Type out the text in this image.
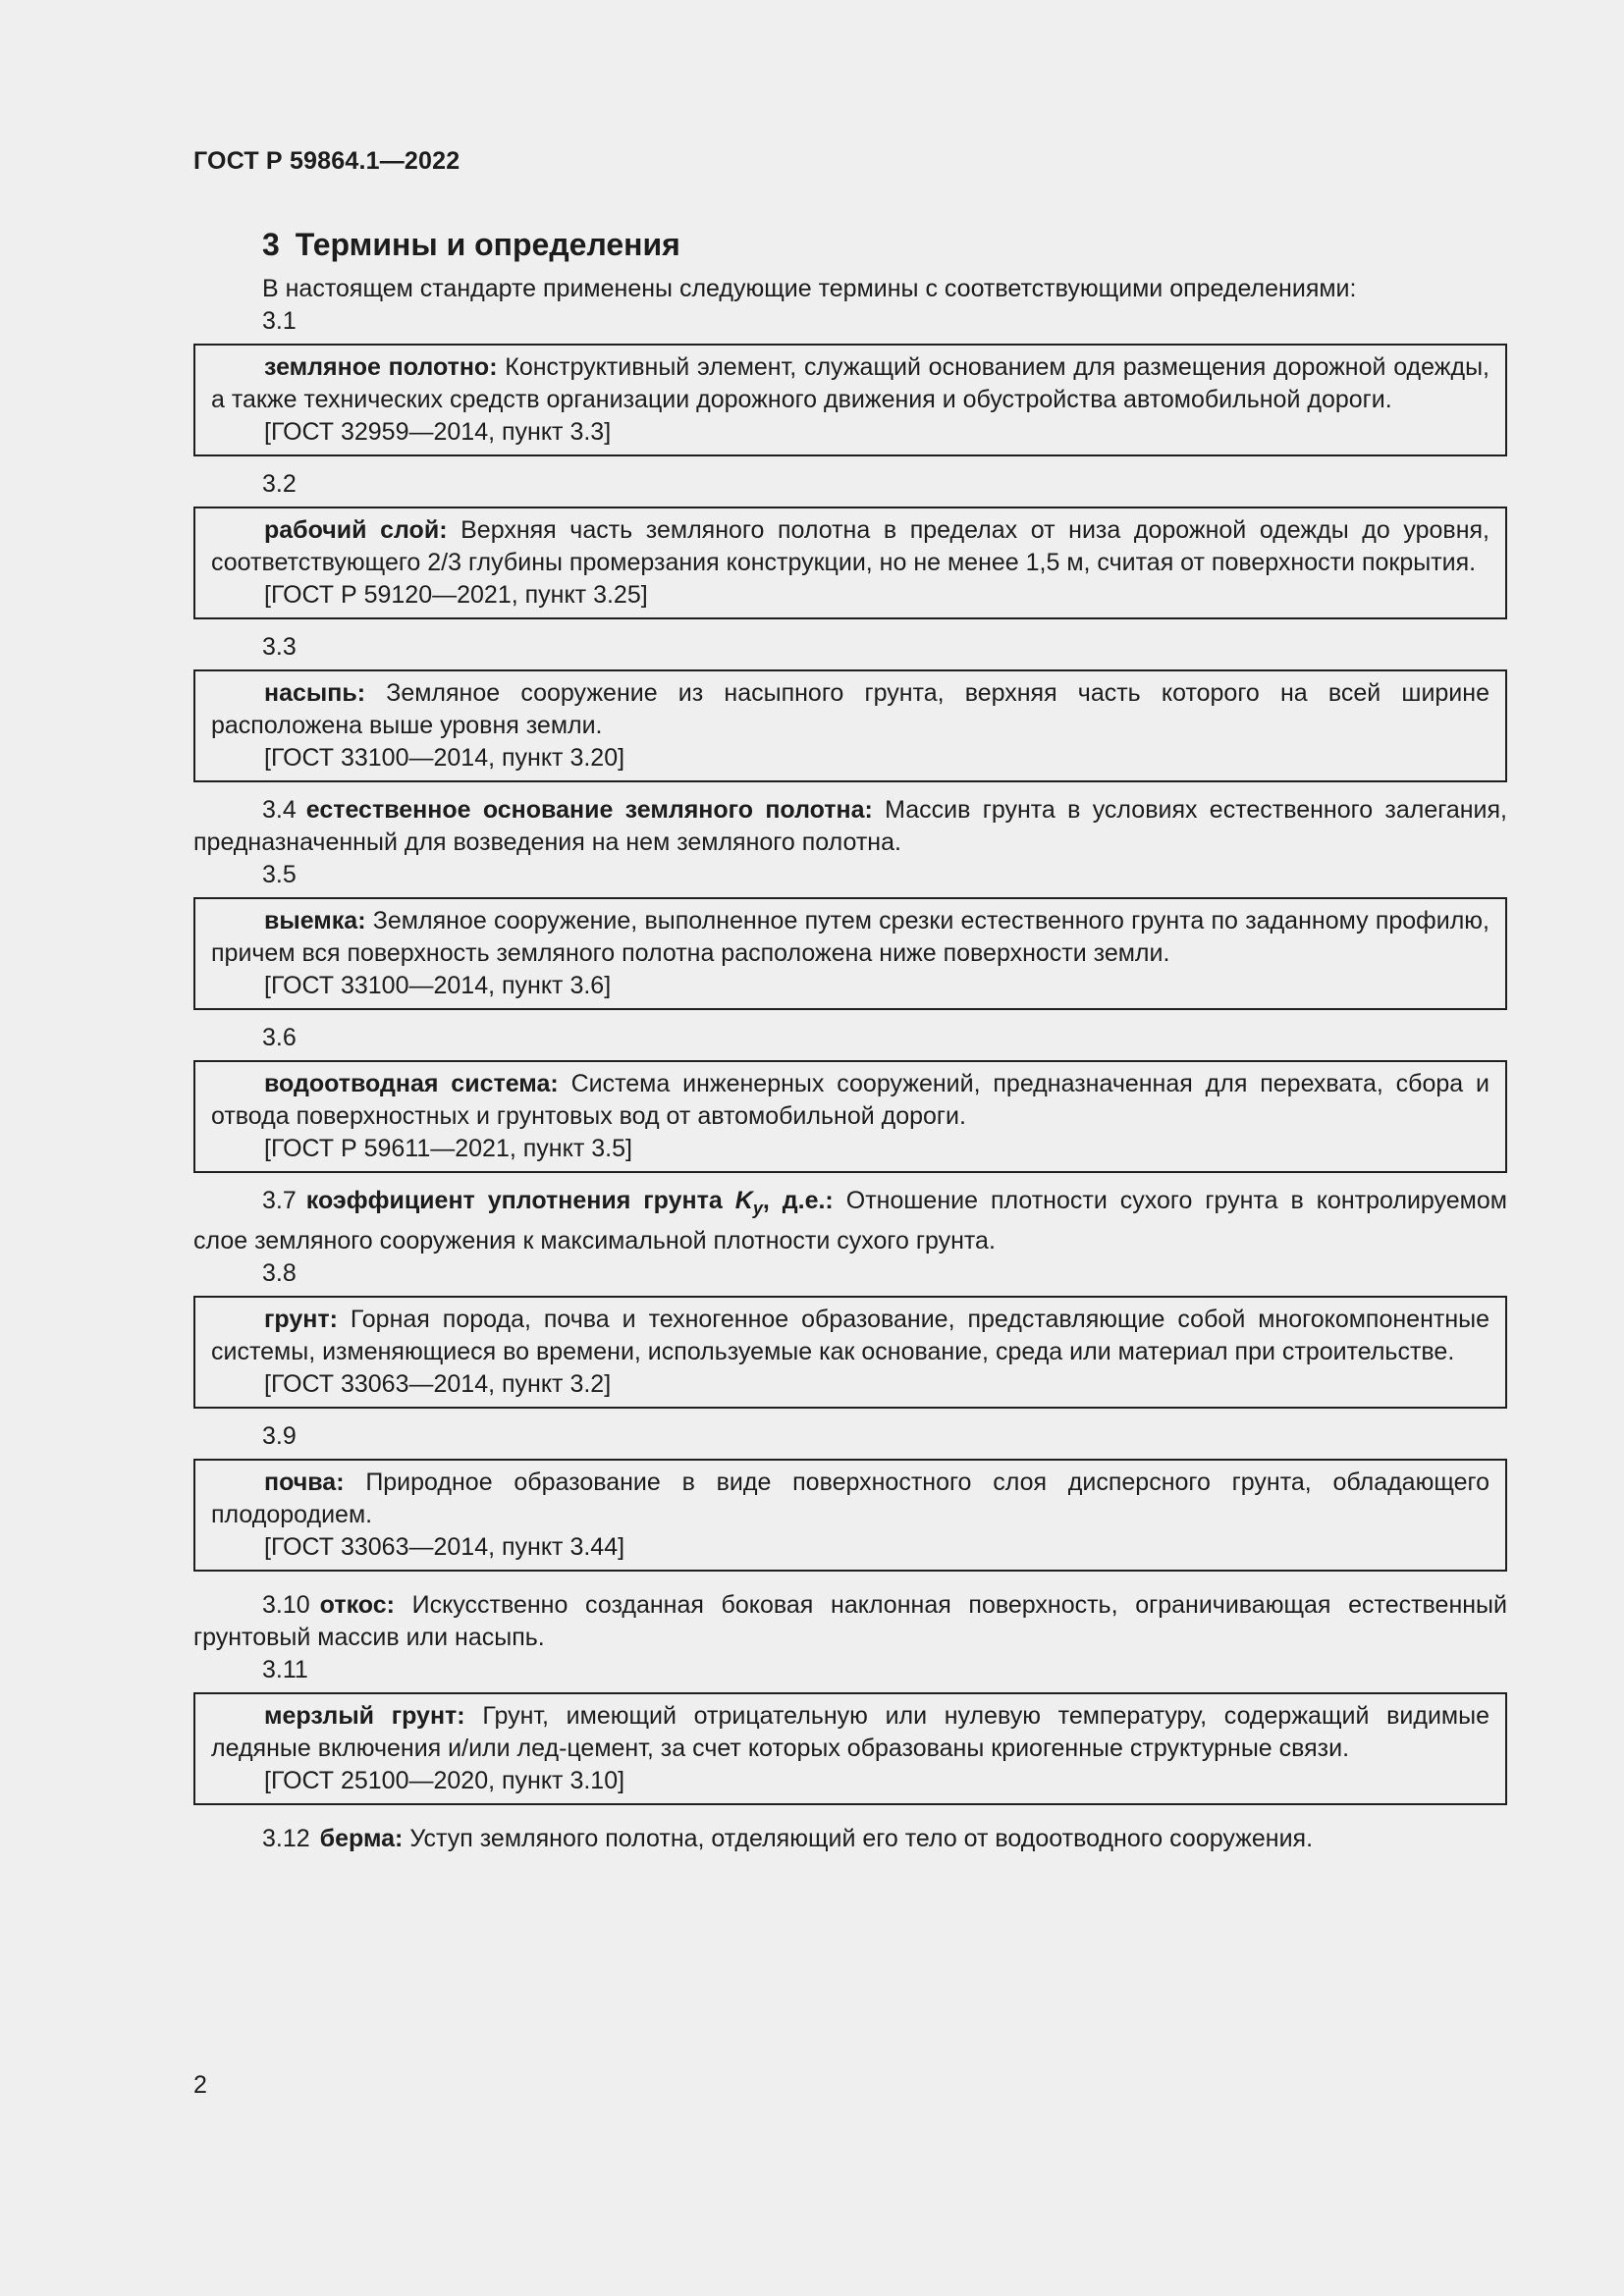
ГОСТ Р 59864.1—2022
3 Термины и определения

В настоящем стандарте применены следующие термины с соответствующими определениями:

3.1

земляное полотно: Конструктивный элемент, служащий основанием для размещения дорожной одежды, а также технических средств организации дорожного движения и обустройства автомобильной дороги.

[ГОСТ 32959—2014, пункт 3.3]

3.2

рабочий слой: Верхняя часть земляного полотна в пределах от низа дорожной одежды до уровня, соответствующего 2/3 глубины промерзания конструкции, но не менее 1,5 м, считая от поверхности покрытия.

[ГОСТ Р 59120—2021, пункт 3.25]

3.3

насыпь: Земляное сооружение из насыпного грунта, верхняя часть которого на всей ширине расположена выше уровня земли.

[ГОСТ 33100—2014, пункт 3.20]

3.4 естественное основание земляного полотна: Массив грунта в условиях естественного залегания, предназначенный для возведения на нем земляного полотна.

3.5

выемка: Земляное сооружение, выполненное путем срезки естественного грунта по заданному профилю, причем вся поверхность земляного полотна расположена ниже поверхности земли.

[ГОСТ 33100—2014, пункт 3.6]

3.6

водоотводная система: Система инженерных сооружений, предназначенная для перехвата, сбора и отвода поверхностных и грунтовых вод от автомобильной дороги.

[ГОСТ Р 59611—2021, пункт 3.5]

3.7 коэффициент уплотнения грунта $K_y$, д.е.: Отношение плотности сухого грунта в контролируемом слое земляного сооружения к максимальной плотности сухого грунта.

3.8

грунт: Горная порода, почва и техногенное образование, представляющие собой многокомпонентные системы, изменяющиеся во времени, используемые как основание, среда или материал при строительстве.

[ГОСТ 33063—2014, пункт 3.2]

3.9

почва: Природное образование в виде поверхностного слоя дисперсного грунта, обладающего плодородием.

[ГОСТ 33063—2014, пункт 3.44]

3.10 откос: Искусственно созданная боковая наклонная поверхность, ограничивающая естественный грунтовый массив или насыпь.

3.11

мерзлый грунт: Грунт, имеющий отрицательную или нулевую температуру, содержащий видимые ледяные включения и/или лед-цемент, за счет которых образованы криогенные структурные связи.

[ГОСТ 25100—2020, пункт 3.10]

3.12 берма: Уступ земляного полотна, отделяющий его тело от водоотводного сооружения.

2
